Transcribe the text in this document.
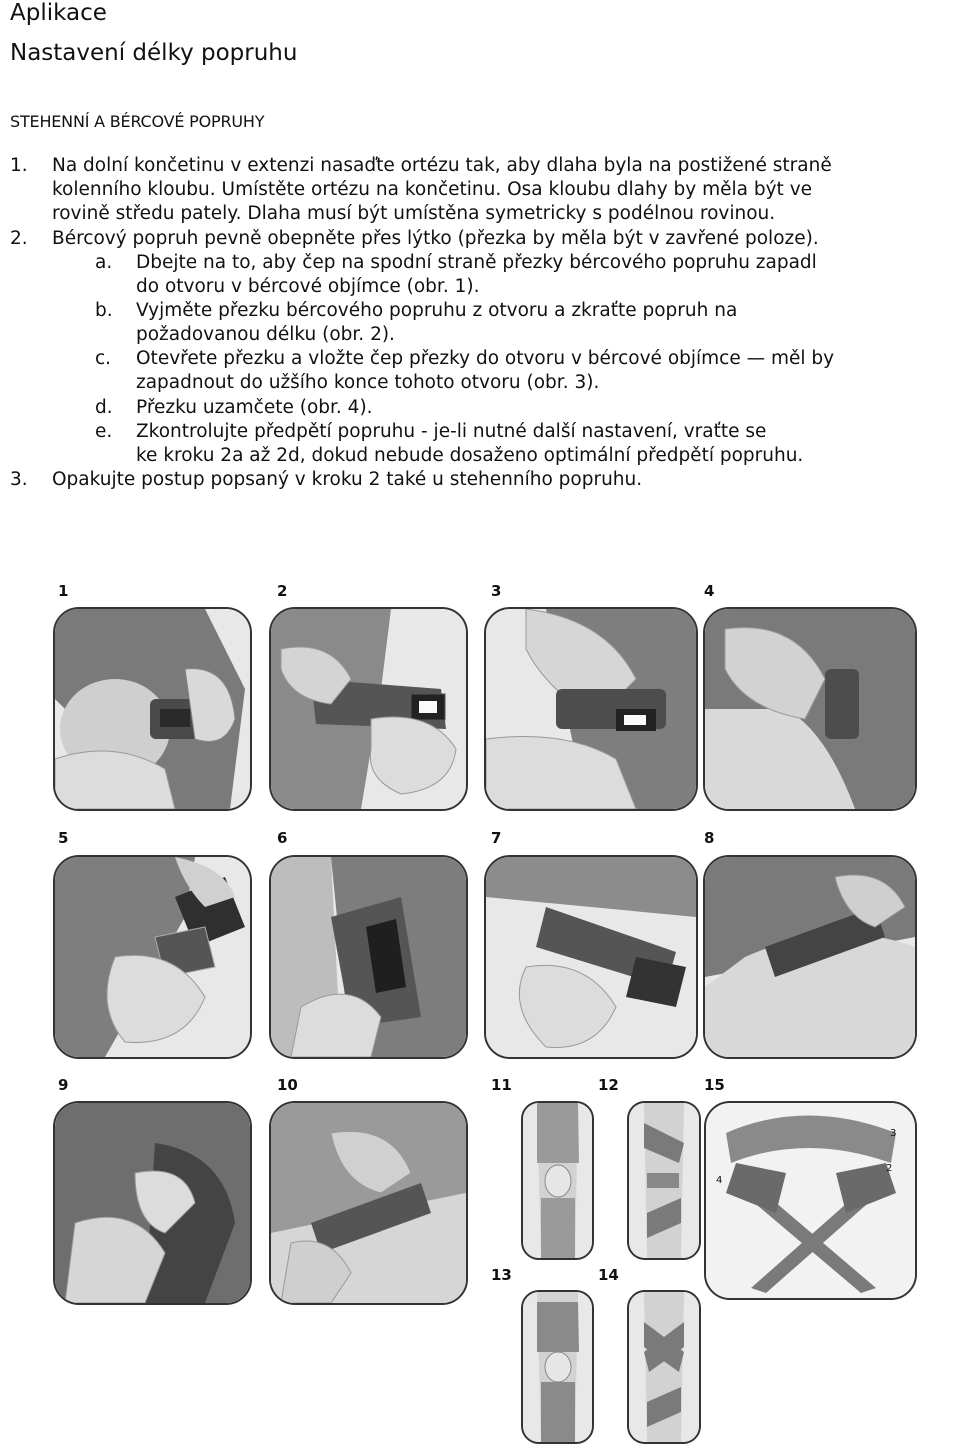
Aplikace
Nastavení délky popruhu
STEHENNÍ A BÉRCOVÉ POPRUHY
1. Na dolní končetinu v extenzi nasaďte ortézu tak, aby dlaha byla na postižené straně
kolenního kloubu. Umístěte ortézu na končetinu. Osa kloubu dlahy by měla být ve
rovině středu pately. Dlaha musí být umístěna symetricky s podélnou rovinou.
2. Bércový popruh pevně obepněte přes lýtko (přezka by měla být v zavřené poloze).
a. Dbejte na to, aby čep na spodní straně přezky bércového popruhu zapadl
do otvoru v bércové objímce (obr. 1).
b. Vyjměte přezku bércového popruhu z otvoru a zkraťte popruh na
požadovanou délku (obr. 2).
c. Otevřete přezku a vložte čep přezky do otvoru v bércové objímce — měl by
zapadnout do užšího konce tohoto otvoru (obr. 3).
d. Přezku uzamčete (obr. 4).
e. Zkontrolujte předpětí popruhu - je-li nutné další nastavení, vraťte se
ke kroku 2a až 2d, dokud nebude dosaženo optimální předpětí popruhu.
3. Opakujte postup popsaný v kroku 2 také u stehenního popruhu.
1	2	3	4
5	6	7	8
9	10	11	12
13	14
15
3
4
2
